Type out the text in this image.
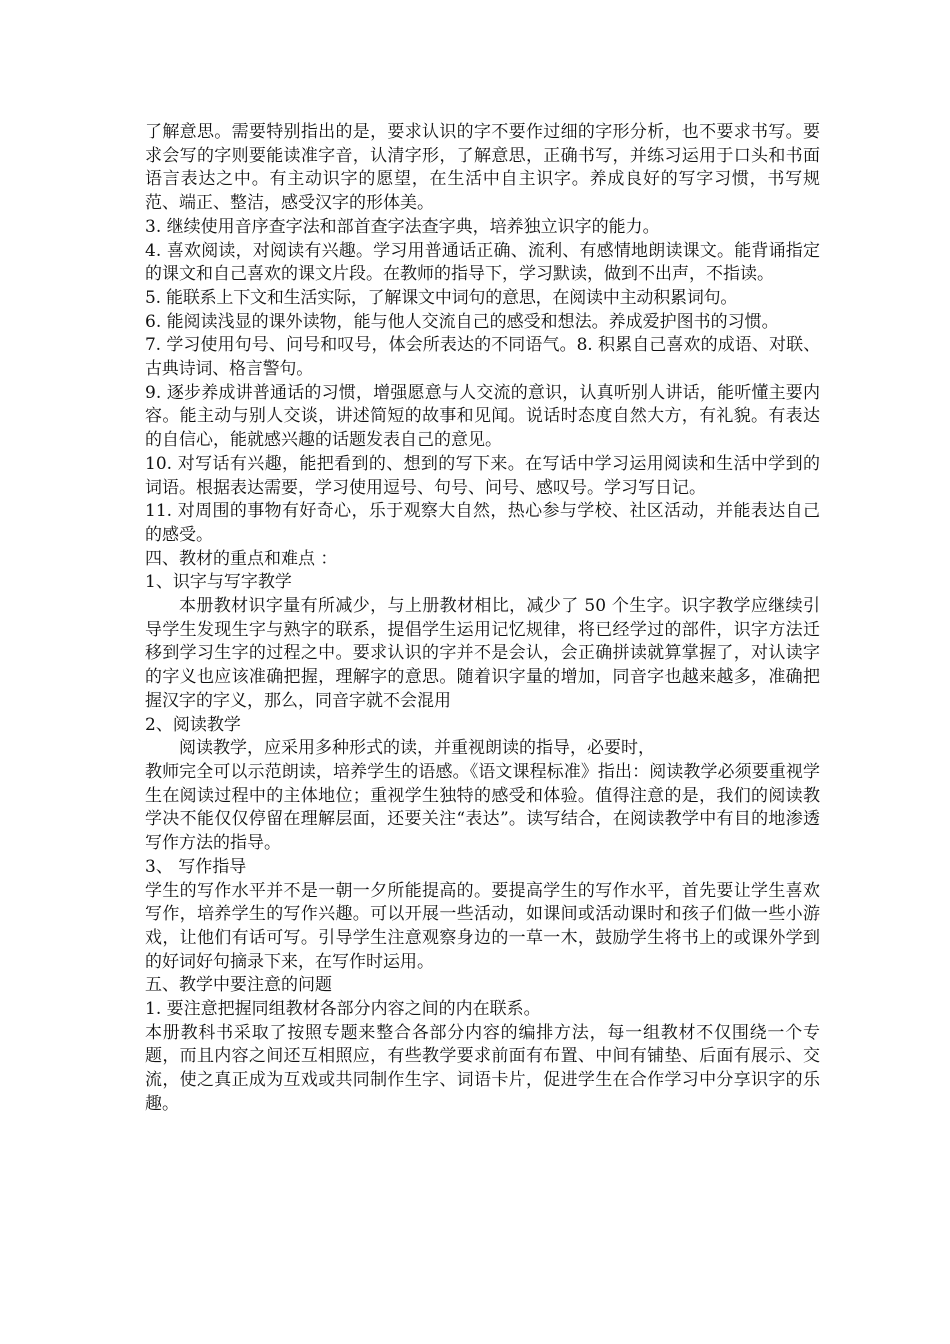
了解意思。需要特别指出的是，要求认识的字不要作过细的字形分析，也不要求书写。要求会写的字则要能读准字音，认清字形，了解意思，正确书写，并练习运用于口头和书面语言表达之中。有主动识字的愿望，在生活中自主识字。养成良好的写字习惯，书写规范、端正、整洁，感受汉字的形体美。

3. 继续使用音序查字法和部首查字法查字典，培养独立识字的能力。

4. 喜欢阅读，对阅读有兴趣。学习用普通话正确、流利、有感情地朗读课文。能背诵指定的课文和自己喜欢的课文片段。在教师的指导下，学习默读，做到不出声，不指读。

5. 能联系上下文和生活实际，了解课文中词句的意思，在阅读中主动积累词句。

6. 能阅读浅显的课外读物，能与他人交流自己的感受和想法。养成爱护图书的习惯。

7. 学习使用句号、问号和叹号，体会所表达的不同语气。8. 积累自己喜欢的成语、对联、古典诗词、格言警句。

9. 逐步养成讲普通话的习惯，增强愿意与人交流的意识，认真听别人讲话，能听懂主要内容。能主动与别人交谈，讲述简短的故事和见闻。说话时态度自然大方，有礼貌。有表达的自信心，能就感兴趣的话题发表自己的意见。

10. 对写话有兴趣，能把看到的、想到的写下来。在写话中学习运用阅读和生活中学到的词语。根据表达需要，学习使用逗号、句号、问号、感叹号。学习写日记。

11. 对周围的事物有好奇心，乐于观察大自然，热心参与学校、社区活动，并能表达自己的感受。

四、教材的重点和难点 ：

1、识字与写字教学

本册教材识字量有所减少，与上册教材相比，减少了 50 个生字。识字教学应继续引导学生发现生字与熟字的联系，提倡学生运用记忆规律，将已经学过的部件，识字方法迁移到学习生字的过程之中。要求认识的字并不是会认，会正确拼读就算掌握了，对认读字的字义也应该准确把握，理解字的意思。随着识字量的增加，同音字也越来越多，准确把握汉字的字义，那么，同音字就不会混用

2、阅读教学

阅读教学，应采用多种形式的读，并重视朗读的指导，必要时，

教师完全可以示范朗读，培养学生的语感。《语文课程标准》指出：阅读教学必须要重视学生在阅读过程中的主体地位；重视学生独特的感受和体验。值得注意的是，我们的阅读教学决不能仅仅停留在理解层面，还要关注“表达”。读写结合，在阅读教学中有目的地渗透写作方法的指导。

3、 写作指导

学生的写作水平并不是一朝一夕所能提高的。要提高学生的写作水平，首先要让学生喜欢写作，培养学生的写作兴趣。可以开展一些活动，如课间或活动课时和孩子们做一些小游戏，让他们有话可写。引导学生注意观察身边的一草一木，鼓励学生将书上的或课外学到的好词好句摘录下来，在写作时运用。

五、教学中要注意的问题

1. 要注意把握同组教材各部分内容之间的内在联系。

本册教科书采取了按照专题来整合各部分内容的编排方法，每一组教材不仅围绕一个专题，而且内容之间还互相照应，有些教学要求前面有布置、中间有铺垫、后面有展示、交流，使之真正成为互戏或共同制作生字、词语卡片，促进学生在合作学习中分享识字的乐趣。
